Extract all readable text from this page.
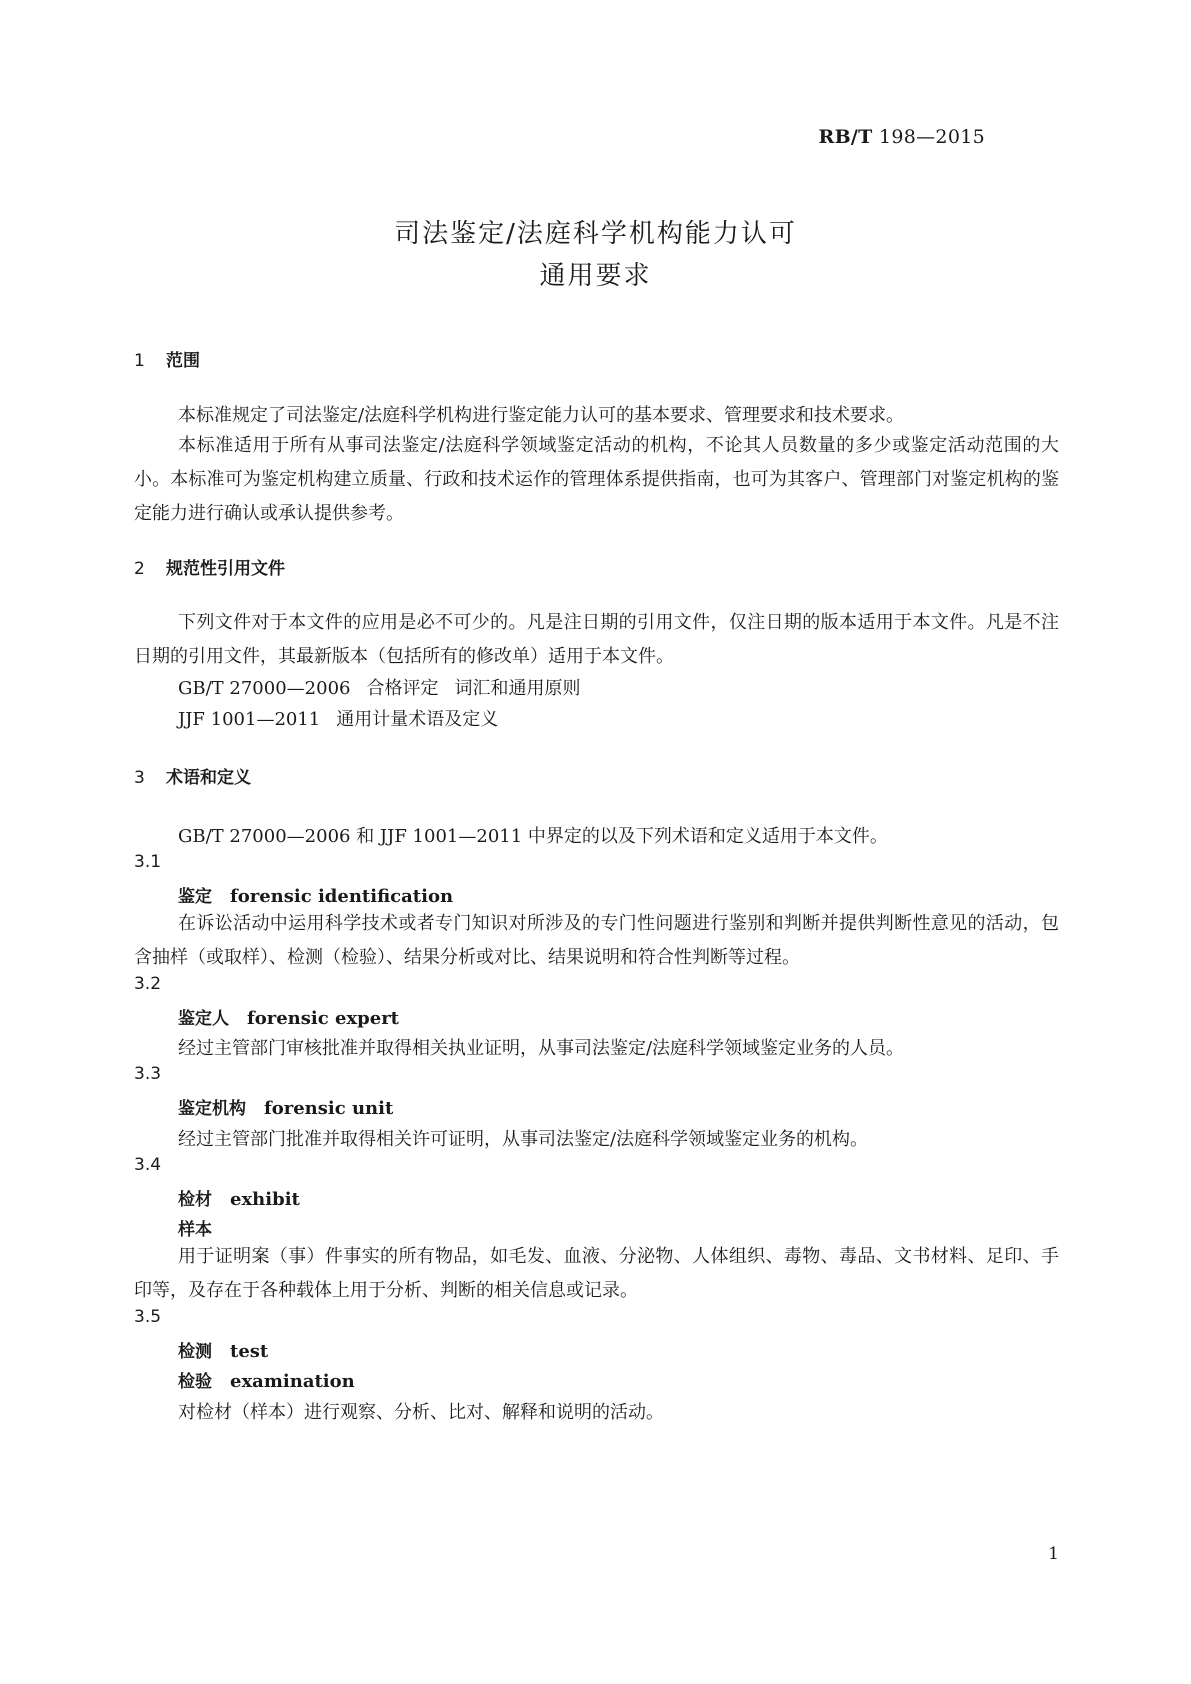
RB/T 198—2015
司法鉴定/法庭科学机构能力认可
通用要求
1 范围
本标准规定了司法鉴定/法庭科学机构进行鉴定能力认可的基本要求、管理要求和技术要求。
本标准适用于所有从事司法鉴定/法庭科学领域鉴定活动的机构，不论其人员数量的多少或鉴定活动范围的大小。本标准可为鉴定机构建立质量、行政和技术运作的管理体系提供指南，也可为其客户、管理部门对鉴定机构的鉴定能力进行确认或承认提供参考。
2 规范性引用文件
下列文件对于本文件的应用是必不可少的。凡是注日期的引用文件，仅注日期的版本适用于本文件。凡是不注日期的引用文件，其最新版本（包括所有的修改单）适用于本文件。
GB/T 27000—2006 合格评定 词汇和通用原则
JJF 1001—2011 通用计量术语及定义
3 术语和定义
GB/T 27000—2006 和 JJF 1001—2011 中界定的以及下列术语和定义适用于本文件。
3.1
鉴定 forensic identification
在诉讼活动中运用科学技术或者专门知识对所涉及的专门性问题进行鉴别和判断并提供判断性意见的活动，包含抽样（或取样）、检测（检验）、结果分析或对比、结果说明和符合性判断等过程。
3.2
鉴定人 forensic expert
经过主管部门审核批准并取得相关执业证明，从事司法鉴定/法庭科学领域鉴定业务的人员。
3.3
鉴定机构 forensic unit
经过主管部门批准并取得相关许可证明，从事司法鉴定/法庭科学领域鉴定业务的机构。
3.4
检材 exhibit
样本
用于证明案（事）件事实的所有物品，如毛发、血液、分泌物、人体组织、毒物、毒品、文书材料、足印、手印等，及存在于各种载体上用于分析、判断的相关信息或记录。
3.5
检测 test
检验 examination
对检材（样本）进行观察、分析、比对、解释和说明的活动。
1
